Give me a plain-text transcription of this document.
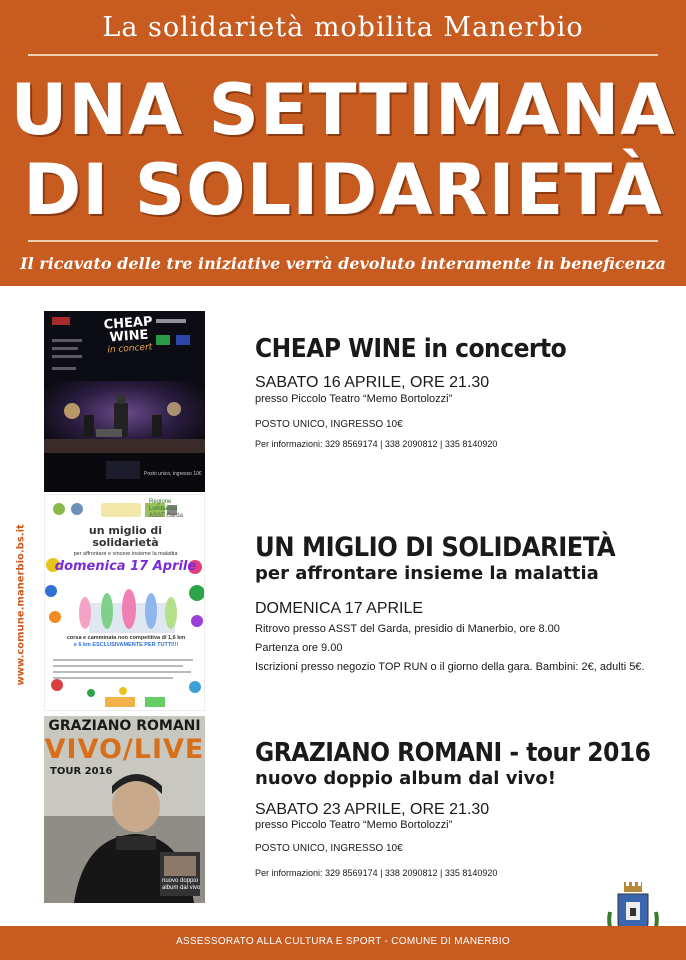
La solidarietà mobilita Manerbio
UNA SETTIMANA
DI SOLIDARIETÀ
Il ricavato delle tre iniziative verrà devoluto interamente in beneficenza
www.comune.manerbio.bs.it
CHEAP
WINE
in concert
Posto unico, ingresso 10€
Regione
Lombardia
ASST Garda
un miglio di
solidarietà
per affrontare e vincere insieme la malattia
domenica 17 Aprile
corsa e camminata non competitiva di 1,6 km
e 6 km ESCLUSIVAMENTE PER TUTTI!!!
GRAZIANO ROMANI
VIVO/LIVE
TOUR 2016
nuovo doppio
album dal vivo
CHEAP WINE in concerto
SABATO 16 APRILE, ORE 21.30
presso Piccolo Teatro “Memo Bortolozzi”
POSTO UNICO, INGRESSO 10€
Per informazioni: 329 8569174 | 338 2090812 | 335 8140920
UN MIGLIO DI SOLIDARIETÀ
per affrontare insieme la malattia
DOMENICA 17 APRILE
Ritrovo presso ASST del Garda, presidio di Manerbio, ore 8.00
Partenza ore 9.00
Iscrizioni presso negozio TOP RUN o il giorno della gara. Bambini: 2€, adulti 5€.
GRAZIANO ROMANI - tour 2016
nuovo doppio album dal vivo!
SABATO 23 APRILE, ORE 21.30
presso Piccolo Teatro “Memo Bortolozzi”
POSTO UNICO, INGRESSO 10€
Per informazioni: 329 8569174 | 338 2090812 | 335 8140920
ASSESSORATO ALLA CULTURA E SPORT - COMUNE DI MANERBIO
